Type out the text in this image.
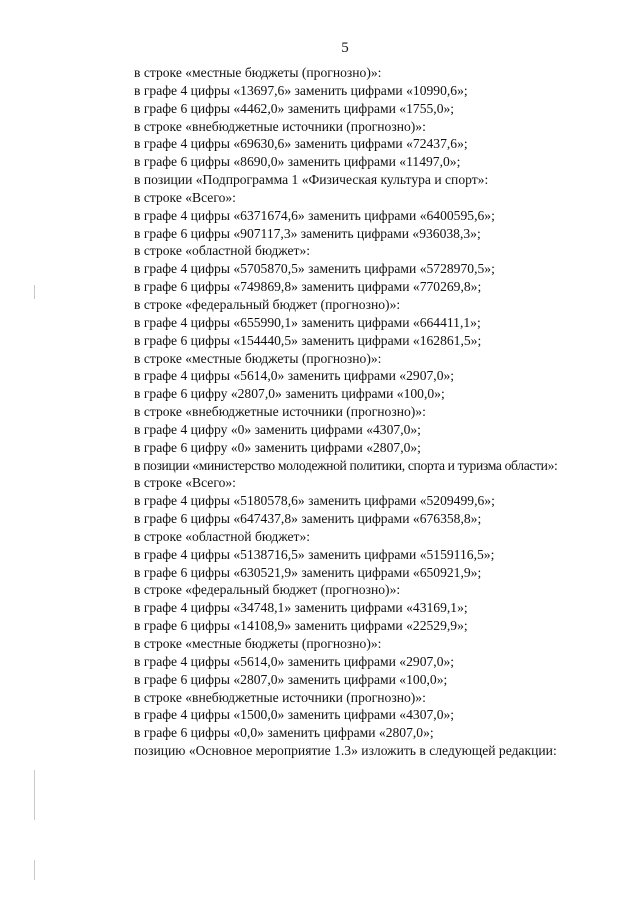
5
в строке «местные бюджеты (прогнозно)»:
в графе 4 цифры «13697,6» заменить цифрами «10990,6»;
в графе 6 цифры «4462,0» заменить цифрами «1755,0»;
в строке «внебюджетные источники (прогнозно)»:
в графе 4 цифры «69630,6» заменить цифрами «72437,6»;
в графе 6 цифры «8690,0» заменить цифрами «11497,0»;
в позиции «Подпрограмма 1 «Физическая культура и спорт»:
в строке «Всего»:
в графе 4 цифры «6371674,6» заменить цифрами «6400595,6»;
в графе 6 цифры «907117,3» заменить цифрами «936038,3»;
в строке «областной бюджет»:
в графе 4 цифры «5705870,5» заменить цифрами «5728970,5»;
в графе 6 цифры «749869,8» заменить цифрами «770269,8»;
в строке «федеральный бюджет (прогнозно)»:
в графе 4 цифры «655990,1» заменить цифрами «664411,1»;
в графе 6 цифры «154440,5» заменить цифрами «162861,5»;
в строке «местные бюджеты (прогнозно)»:
в графе 4 цифры «5614,0» заменить цифрами «2907,0»;
в графе 6 цифру «2807,0» заменить цифрами «100,0»;
в строке «внебюджетные источники (прогнозно)»:
в графе 4 цифру «0» заменить цифрами «4307,0»;
в графе 6 цифру «0» заменить цифрами «2807,0»;
в позиции «министерство молодежной политики, спорта и туризма области»:
в строке «Всего»:
в графе 4 цифры «5180578,6» заменить цифрами «5209499,6»;
в графе 6 цифры «647437,8» заменить цифрами «676358,8»;
в строке «областной бюджет»:
в графе 4 цифры «5138716,5» заменить цифрами «5159116,5»;
в графе 6 цифры «630521,9» заменить цифрами «650921,9»;
в строке «федеральный бюджет (прогнозно)»:
в графе 4 цифры «34748,1» заменить цифрами «43169,1»;
в графе 6 цифры «14108,9» заменить цифрами «22529,9»;
в строке «местные бюджеты (прогнозно)»:
в графе 4 цифры «5614,0» заменить цифрами «2907,0»;
в графе 6 цифры «2807,0» заменить цифрами «100,0»;
в строке «внебюджетные источники (прогнозно)»:
в графе 4 цифры «1500,0» заменить цифрами «4307,0»;
в графе 6 цифры «0,0» заменить цифрами «2807,0»;
позицию «Основное мероприятие 1.3» изложить в следующей редакции:
